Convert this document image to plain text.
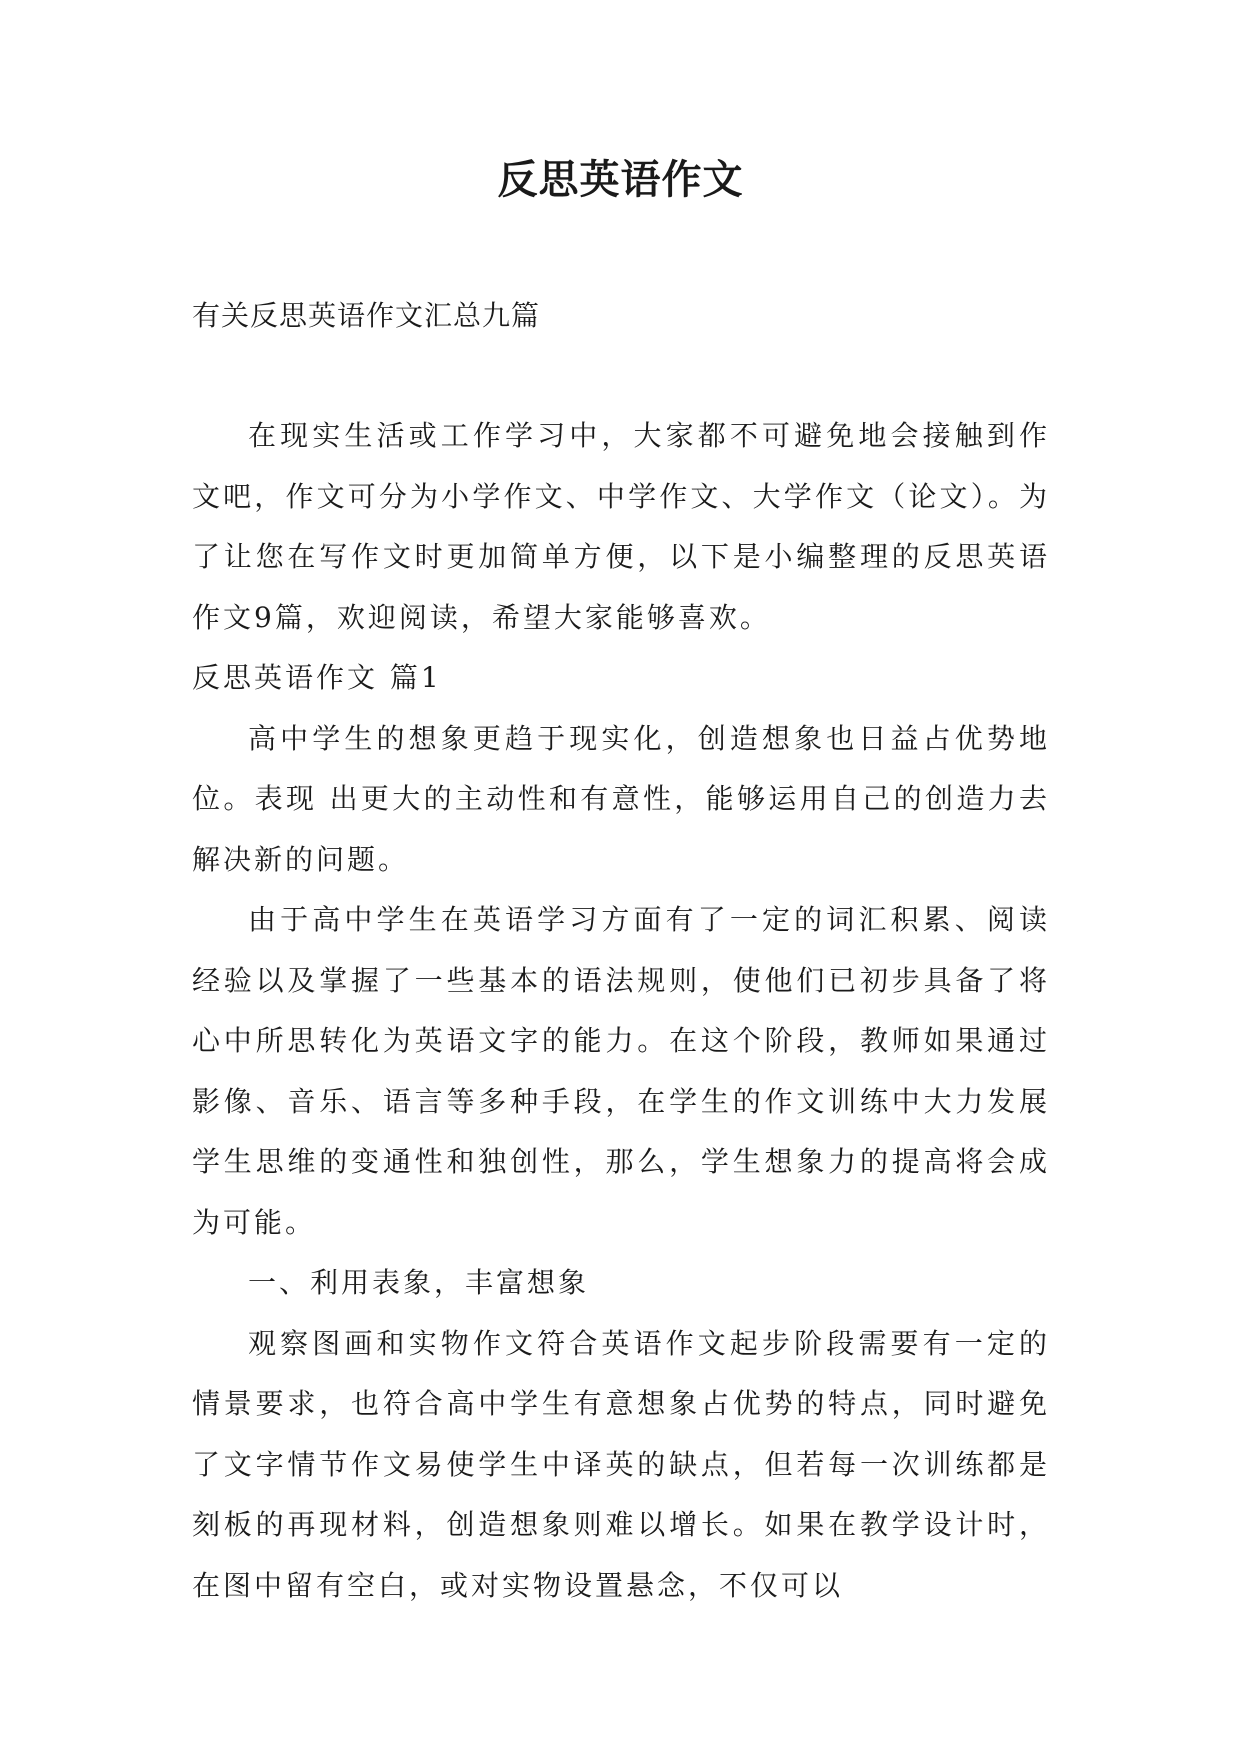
反思英语作文

有关反思英语作文汇总九篇

在现实生活或工作学习中，大家都不可避免地会接触到作文吧，作文可分为小学作文、中学作文、大学作文（论文）。为了让您在写作文时更加简单方便，以下是小编整理的反思英语作文9篇，欢迎阅读，希望大家能够喜欢。

反思英语作文 篇1

高中学生的想象更趋于现实化，创造想象也日益占优势地位。表现 出更大的主动性和有意性，能够运用自己的创造力去解决新的问题。

由于高中学生在英语学习方面有了一定的词汇积累、阅读经验以及掌握了一些基本的语法规则，使他们已初步具备了将心中所思转化为英语文字的能力。在这个阶段，教师如果通过影像、音乐、语言等多种手段，在学生的作文训练中大力发展学生思维的变通性和独创性，那么，学生想象力的提高将会成为可能。

一、利用表象，丰富想象

观察图画和实物作文符合英语作文起步阶段需要有一定的情景要求，也符合高中学生有意想象占优势的特点，同时避免了文字情节作文易使学生中译英的缺点，但若每一次训练都是刻板的再现材料，创造想象则难以增长。如果在教学设计时，在图中留有空白，或对实物设置悬念，不仅可以
